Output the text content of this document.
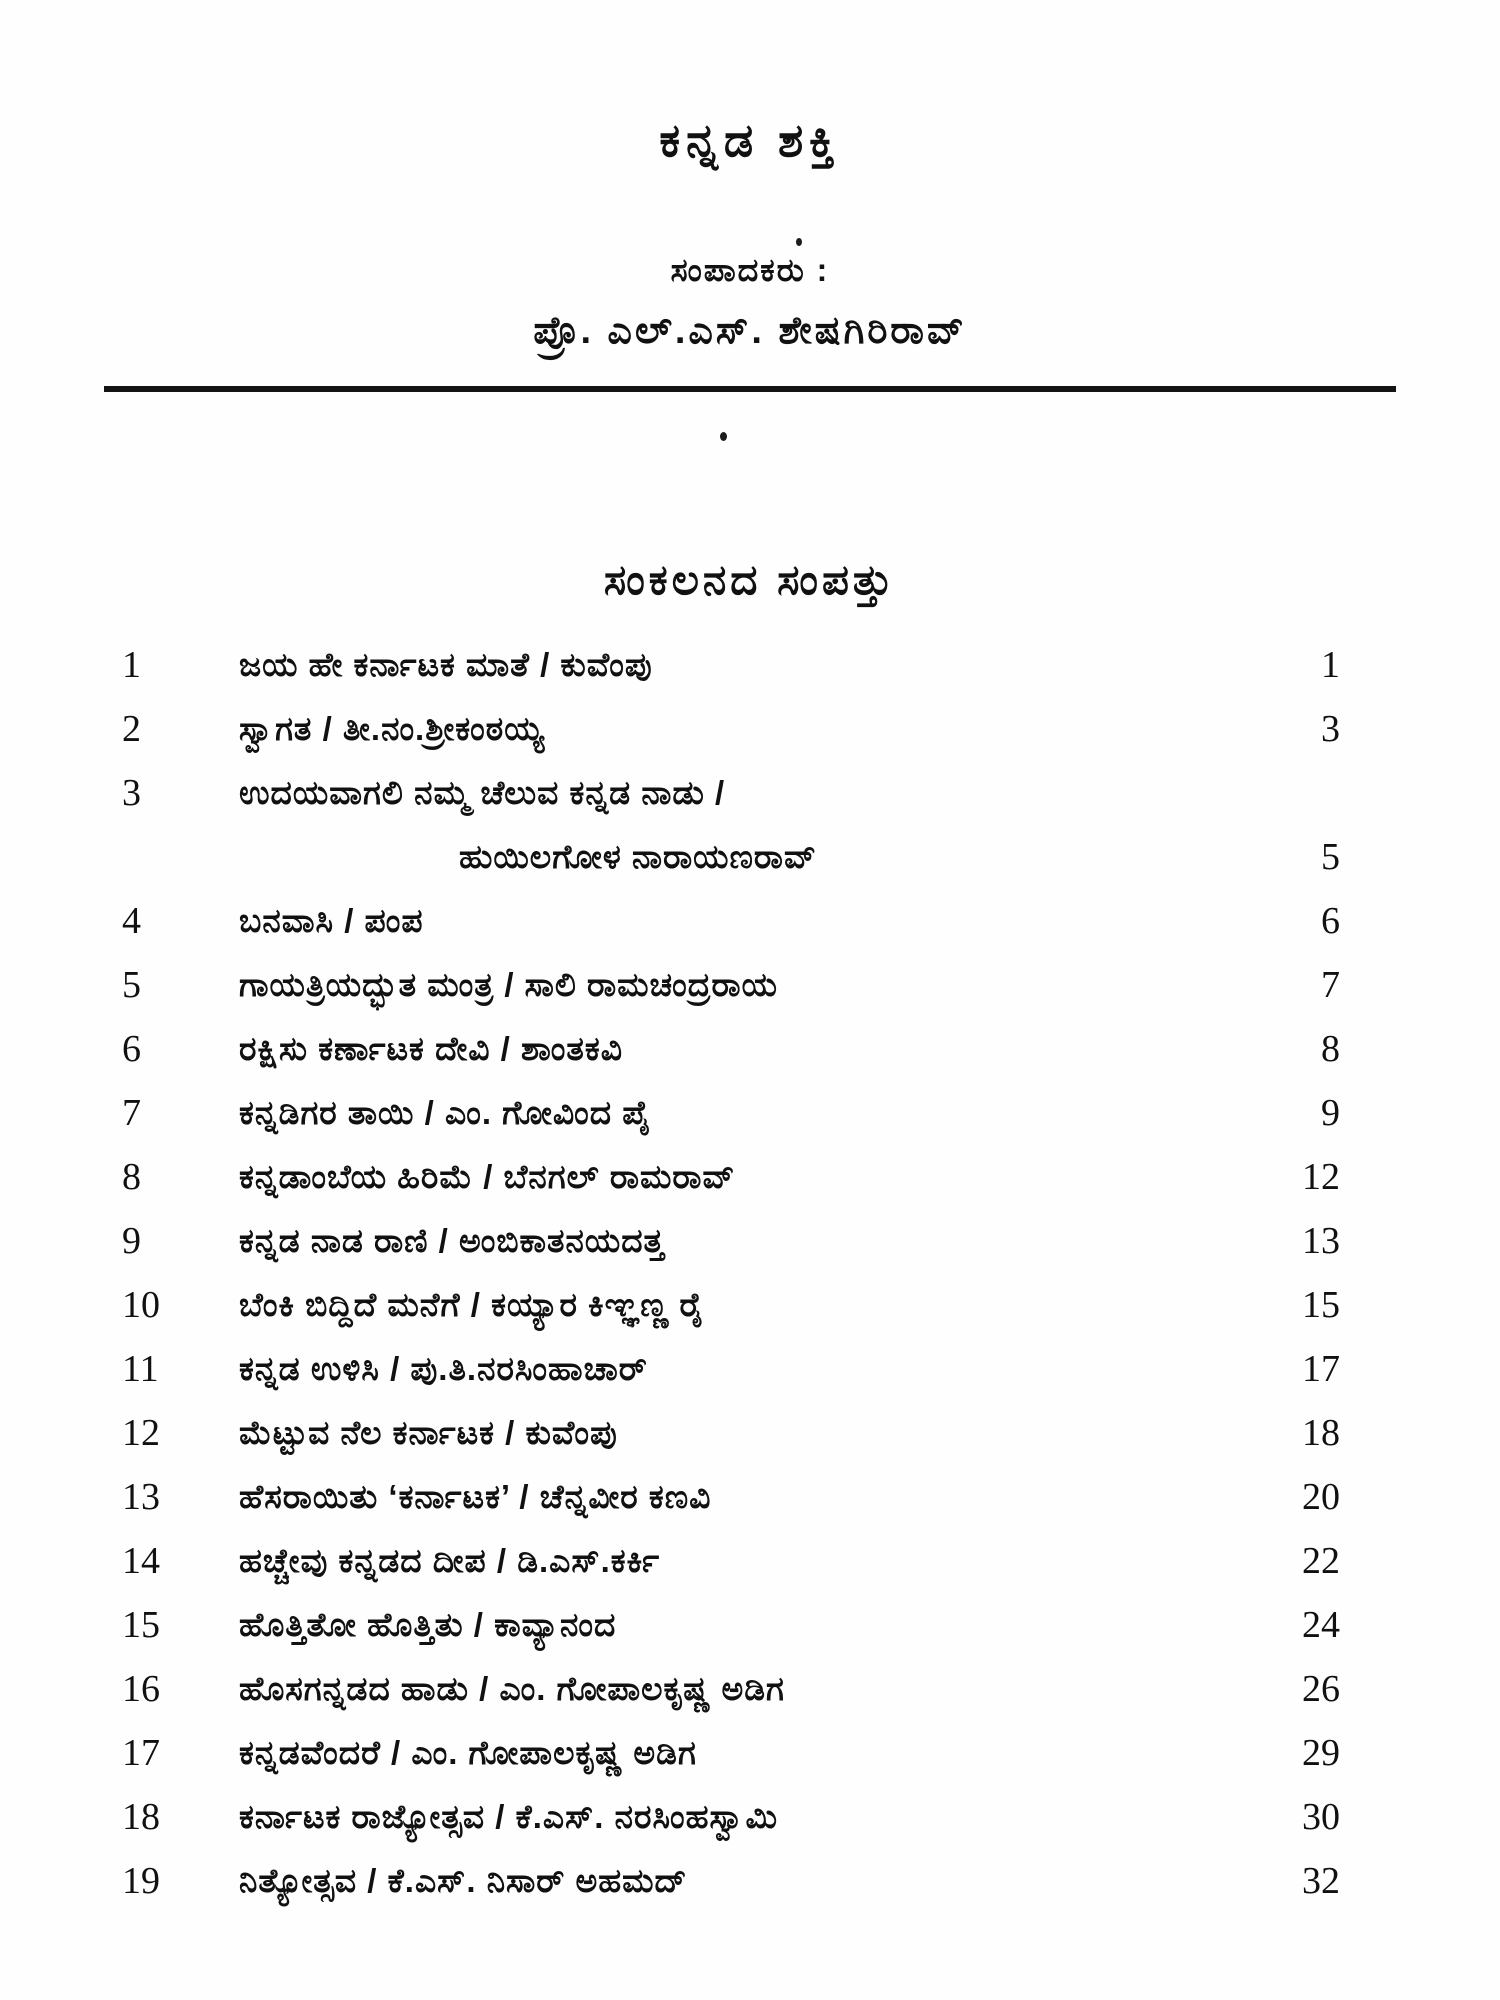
ಕನ್ನಡ ಶಕ್ತಿ
ಸಂಪಾದಕರು :
ಪ್ರೊ. ಎಲ್.ಎಸ್. ಶೇಷಗಿರಿರಾವ್
ಸಂಕಲನದ ಸಂಪತ್ತು
1	ಜಯ ಹೇ ಕರ್ನಾಟಕ ಮಾತೆ / ಕುವೆಂಪು	1
2	ಸ್ವಾಗತ / ತೀ.ನಂ.ಶ್ರೀಕಂಠಯ್ಯ	3
3	ಉದಯವಾಗಲಿ ನಮ್ಮ ಚೆಲುವ ಕನ್ನಡ ನಾಡು /
ಹುಯಿಲಗೋಳ ನಾರಾಯಣರಾವ್	5
4	ಬನವಾಸಿ / ಪಂಪ	6
5	ಗಾಯತ್ರಿಯದ್ಭುತ ಮಂತ್ರ / ಸಾಲಿ ರಾಮಚಂದ್ರರಾಯ	7
6	ರಕ್ಷಿಸು ಕರ್ಣಾಟಕ ದೇವಿ / ಶಾಂತಕವಿ	8
7	ಕನ್ನಡಿಗರ ತಾಯಿ / ಎಂ. ಗೋವಿಂದ ಪೈ	9
8	ಕನ್ನಡಾಂಬೆಯ ಹಿರಿಮೆ / ಬೆನಗಲ್ ರಾಮರಾವ್	12
9	ಕನ್ನಡ ನಾಡ ರಾಣಿ / ಅಂಬಿಕಾತನಯದತ್ತ	13
10	ಬೆಂಕಿ ಬಿದ್ದಿದೆ ಮನೆಗೆ / ಕಯ್ಯಾರ ಕಿಞ್ಞಣ್ಣ ರೈ	15
11	ಕನ್ನಡ ಉಳಿಸಿ / ಪು.ತಿ.ನರಸಿಂಹಾಚಾರ್	17
12	ಮೆಟ್ಟುವ ನೆಲ ಕರ್ನಾಟಕ / ಕುವೆಂಪು	18
13	ಹೆಸರಾಯಿತು ‘ಕರ್ನಾಟಕ’ / ಚೆನ್ನವೀರ ಕಣವಿ	20
14	ಹಚ್ಚೇವು ಕನ್ನಡದ ದೀಪ / ಡಿ.ಎಸ್.ಕರ್ಕಿ	22
15	ಹೊತ್ತಿತೋ ಹೊತ್ತಿತು / ಕಾವ್ಯಾನಂದ	24
16	ಹೊಸಗನ್ನಡದ ಹಾಡು / ಎಂ. ಗೋಪಾಲಕೃಷ್ಣ ಅಡಿಗ	26
17	ಕನ್ನಡವೆಂದರೆ / ಎಂ. ಗೋಪಾಲಕೃಷ್ಣ ಅಡಿಗ	29
18	ಕರ್ನಾಟಕ ರಾಜ್ಯೋತ್ಸವ / ಕೆ.ಎಸ್. ನರಸಿಂಹಸ್ವಾಮಿ	30
19	ನಿತ್ಯೋತ್ಸವ / ಕೆ.ಎಸ್. ನಿಸಾರ್ ಅಹಮದ್	32
